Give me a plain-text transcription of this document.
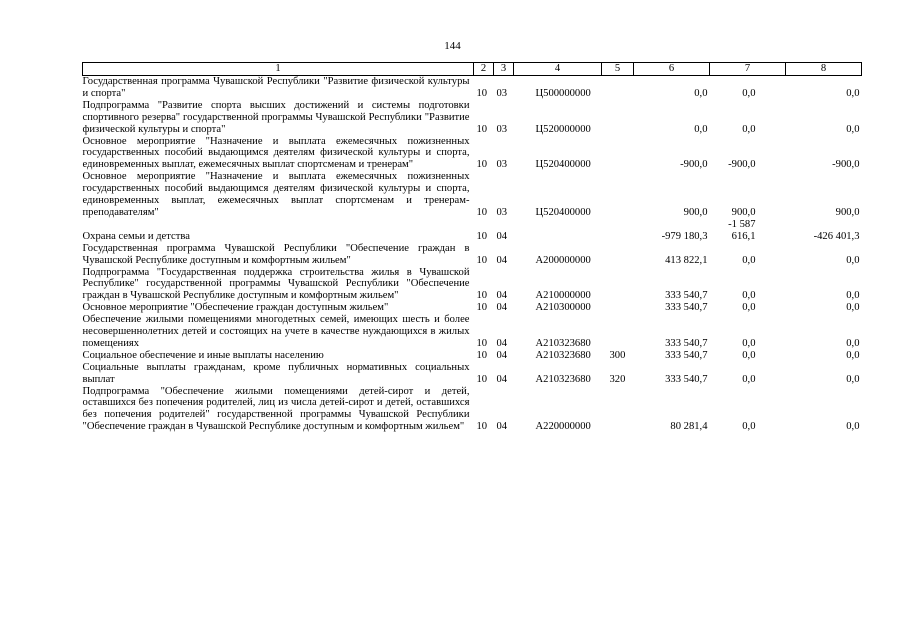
144
1	2	3	4	5	6	7	8
Государственная программа Чувашской Республики "Развитие физической культуры и спорта"	10	03	Ц500000000		0,0	0,0	0,0
Подпрограмма "Развитие спорта высших достижений и системы подготовки спортивного резерва" государственной программы Чувашской Республики "Развитие физической культуры и спорта"	10	03	Ц520000000		0,0	0,0	0,0
Основное мероприятие "Назначение и выплата ежемесячных пожизненных государственных пособий выдающимся деятелям физической культуры и спорта, единовременных выплат, ежемесячных выплат спортсменам и тренерам"	10	03	Ц520400000		-900,0	-900,0	-900,0
Основное мероприятие "Назначение и выплата ежемесячных пожизненных государственных пособий выдающимся деятелям физической культуры и спорта, единовременных выплат, ежемесячных выплат спортсменам и тренерам-преподавателям"	10	03	Ц520400000		900,0	900,0	900,0
Охрана семьи и детства	10	04			-979 180,3	-1 587 616,1	-426 401,3
Государственная программа Чувашской Республики "Обеспечение граждан в Чувашской Республике доступным и комфортным жильем"	10	04	А200000000		413 822,1	0,0	0,0
Подпрограмма "Государственная поддержка строительства жилья в Чувашской Республике" государственной программы Чувашской Республики "Обеспечение граждан в Чувашской Республике доступным и комфортным жильем"	10	04	А210000000		333 540,7	0,0	0,0
Основное мероприятие "Обеспечение граждан доступным жильем"	10	04	А210300000		333 540,7	0,0	0,0
Обеспечение жилыми помещениями многодетных семей, имеющих шесть и более несовершеннолетних детей и состоящих на учете в качестве нуждающихся в жилых помещениях	10	04	А210323680		333 540,7	0,0	0,0
Социальное обеспечение и иные выплаты населению	10	04	А210323680	300	333 540,7	0,0	0,0
Социальные выплаты гражданам, кроме публичных нормативных социальных выплат	10	04	А210323680	320	333 540,7	0,0	0,0
Подпрограмма "Обеспечение жилыми помещениями детей-сирот и детей, оставшихся без попечения родителей, лиц из числа детей-сирот и детей, оставшихся без попечения родителей" государственной программы Чувашской Республики "Обеспечение граждан в Чувашской Республике доступным и комфортным жильем"	10	04	А220000000		80 281,4	0,0	0,0
